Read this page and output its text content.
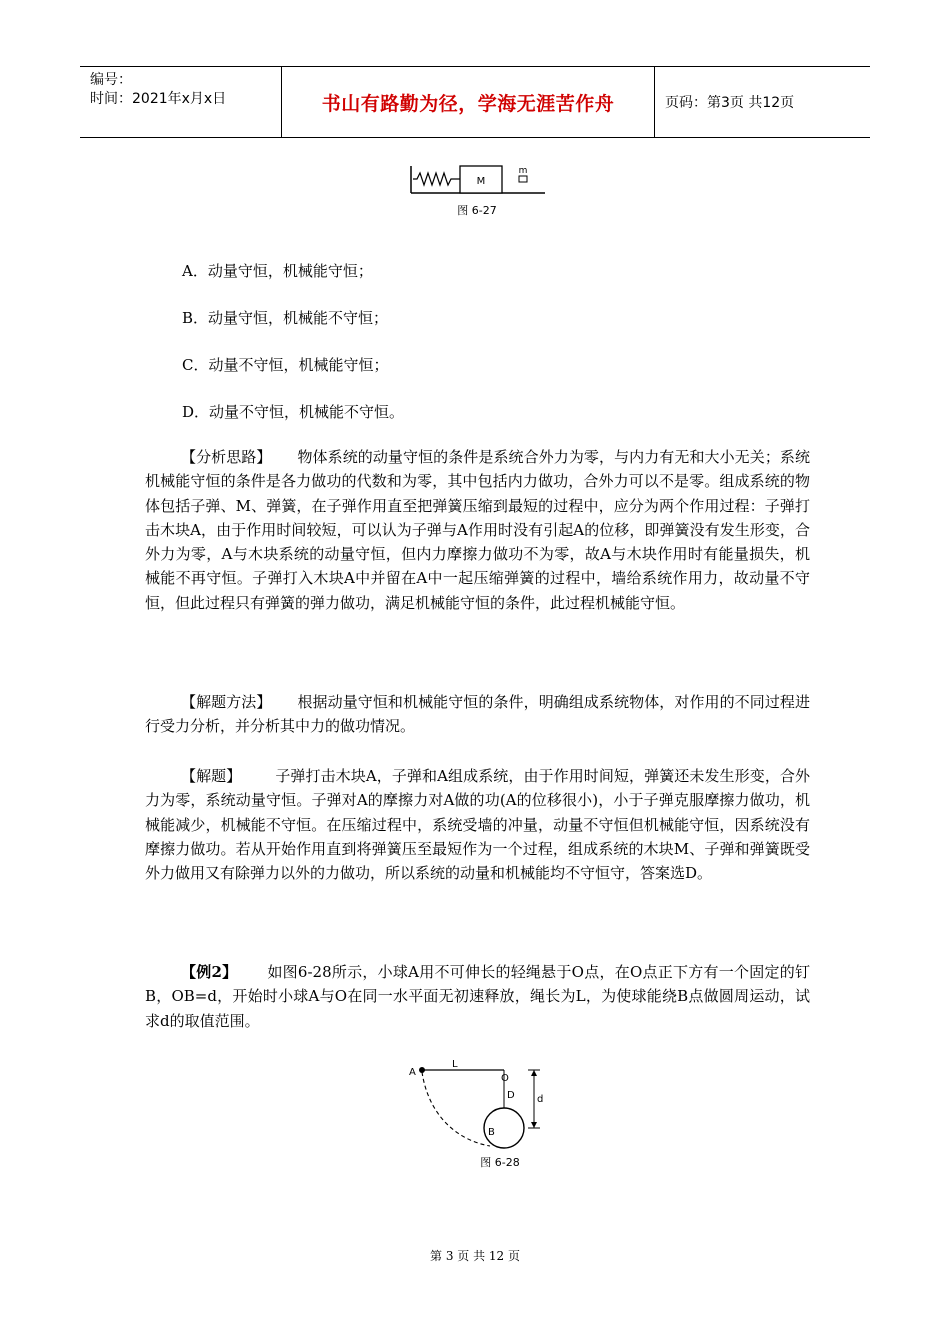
编号：
时间：2021年x月x日	书山有路勤为径，学海无涯苦作舟	页码：第3页 共12页
M
m
图 6-27
A．动量守恒，机械能守恒；
B．动量守恒，机械能不守恒；
C．动量不守恒，机械能守恒；
D．动量不守恒，机械能不守恒。
【分析思路】 物体系统的动量守恒的条件是系统合外力为零，与内力有无和大小无关；系统机械能守恒的条件是各力做功的代数和为零，其中包括内力做功，合外力可以不是零。组成系统的物体包括子弹、M、弹簧，在子弹作用直至把弹簧压缩到最短的过程中，应分为两个作用过程：子弹打击木块A，由于作用时间较短，可以认为子弹与A作用时没有引起A的位移，即弹簧没有发生形变，合外力为零，A与木块系统的动量守恒，但内力摩擦力做功不为零，故A与木块作用时有能量损失，机械能不再守恒。子弹打入木块A中并留在A中一起压缩弹簧的过程中，墙给系统作用力，故动量不守恒，但此过程只有弹簧的弹力做功，满足机械能守恒的条件，此过程机械能守恒。
【解题方法】 根据动量守恒和机械能守恒的条件，明确组成系统物体，对作用的不同过程进行受力分析，并分析其中力的做功情况。
【解题】 子弹打击木块A，子弹和A组成系统，由于作用时间短，弹簧还未发生形变，合外力为零，系统动量守恒。子弹对A的摩擦力对A做的功(A的位移很小)，小于子弹克服摩擦力做功，机械能减少，机械能不守恒。在压缩过程中，系统受墙的冲量，动量不守恒但机械能守恒，因系统没有摩擦力做功。若从开始作用直到将弹簧压至最短作为一个过程，组成系统的木块M、子弹和弹簧既受外力做用又有除弹力以外的力做功，所以系统的动量和机械能均不守恒守，答案选D。
【例2】 如图6-28所示，小球A用不可伸长的轻绳悬于O点，在O点正下方有一个固定的钉B，OB=d，开始时小球A与O在同一水平面无初速释放，绳长为L，为使球能绕B点做圆周运动，试求d的取值范围。
A
L
O
D
B
d
图 6-28
第 3 页 共 12 页
